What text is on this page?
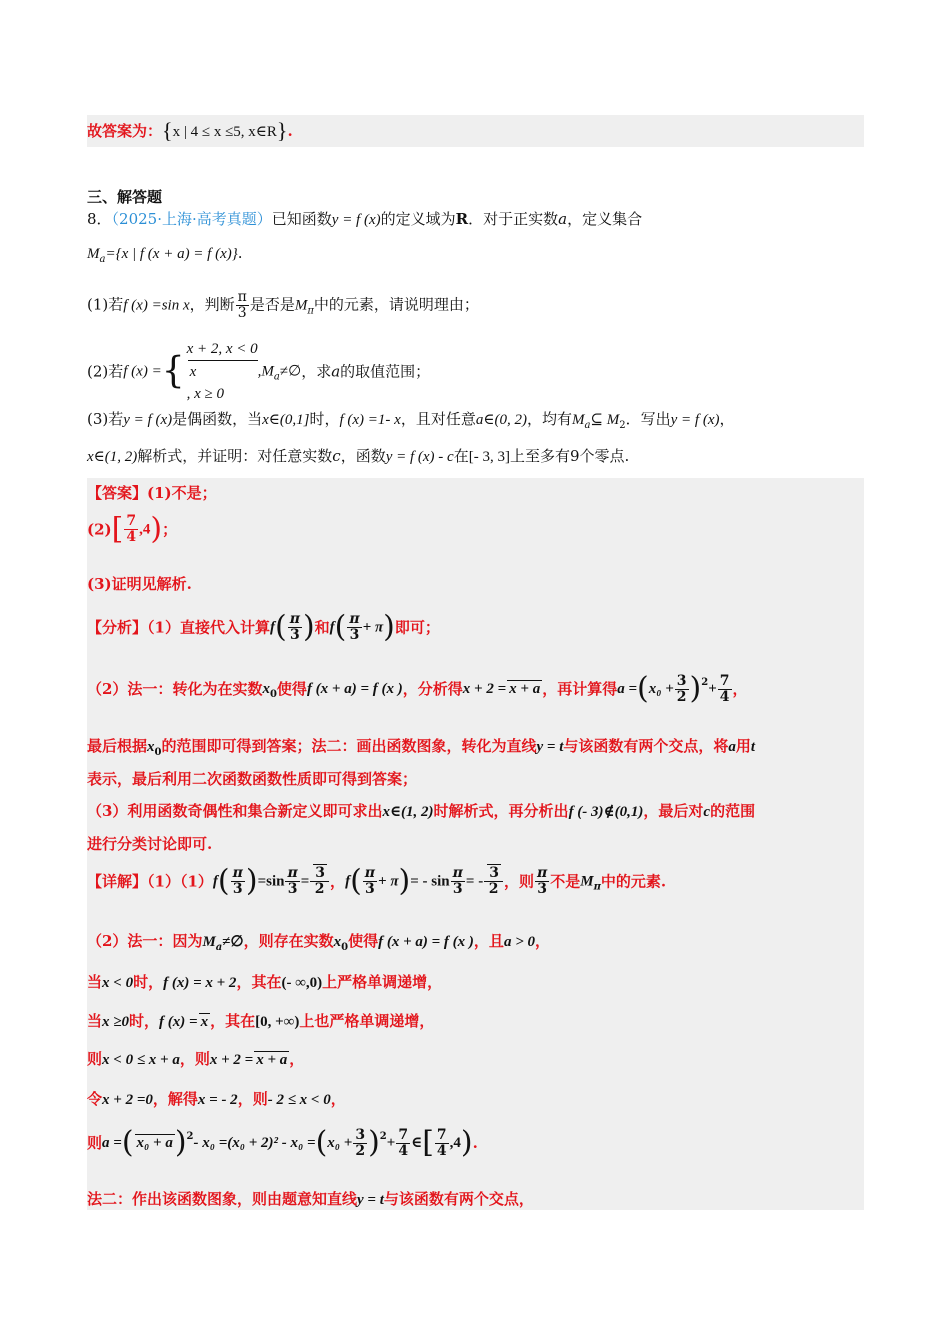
故答案为：{x | 4 ≤ x ≤5, x∈R}.
三、解答题
8．（2025·上海·高考真题）已知函数y = f (x)的定义域为R．对于正实数a，定义集合
$M_a=\{x$ | f (x + a) = f (x)}.
(1)若f (x) =sin x，判断 $\frac{\pi}{3}$ 是否是$M_\pi$中的元素，请说明理由；
(2)若f (x) ={
x + 2, x < 0
x
, x ≥ 0
$,M_a\ne\emptyset$，求a的取值范围；
(3)若y = f (x)是偶函数，当x∈(0,1]时，f (x) =1- x，且对任意a∈(0, 2)，均有$M_a⊆$ $M_2$．写出y = f (x)，
x∈(1, 2)解析式，并证明：对任意实数c，函数y = f (x) - c在[- 3, 3]上至多有9个零点.
【答案】(1)不是；
$(2)[ \frac{7}{4} ,4)$；
(3)证明见解析.
【分析】（1）直接代入计算$f( \frac{\pi}{3}$ )和$f( \frac{\pi}{3} + \pi)$即可；
（2）法一：转化为在实数$x_0$使得f (x + a) = f (x )，分析得x + 2 = x + a ，再计算得$a =(x_0 + \frac{3}{2} )^2+ \frac{7}{4}$ ，
最后根据$x_0$的范围即可得到答案；法二：画出函数图象，转化为直线y = t与该函数有两个交点，将a用t
表示，最后利用二次函数函数性质即可得到答案；
（3）利用函数奇偶性和集合新定义即可求出x∈(1, 2)时解析式，再分析出f (- 3)∉(0,1)，最后对c的范围
进行分类讨论即可.
【详解】$(1)(1)f( \frac{\pi}{3} )=\sin \frac{\pi}{3} = \frac{3}{2}$ ，$f( \frac{\pi}{3} + \pi)= - \sin \frac{\pi}{3}$ = - $\frac{3}{2}$ ，则 $\frac{\pi}{3}$ 不是$M_\pi$中的元素.
（2）法一：因为$M_a\ne\emptyset$，则存在实数$x_0$使得f (x + a) = f (x )，且a > 0，
当x < 0时，f (x) = x + 2，其在(- ∞,0)上严格单调递增，
当x ≥0时，f (x) = x ，其在[0, +∞)上也严格单调递增，
则x < 0 ≤ x + a，则x + 2 = x + a ，
令x + 2 =0，解得x = - 2，则- 2 ≤ x < 0，
则a =( x₀ + a)$^2$- $x_0 =(x_0 + 2)^2 - x_0 =(x_0 + \frac{3}{2} )^2+ \frac{7}{4}$ ∈[ $\frac{7}{4} ,4$).
法二：作出该函数图象，则由题意知直线y = t与该函数有两个交点，
